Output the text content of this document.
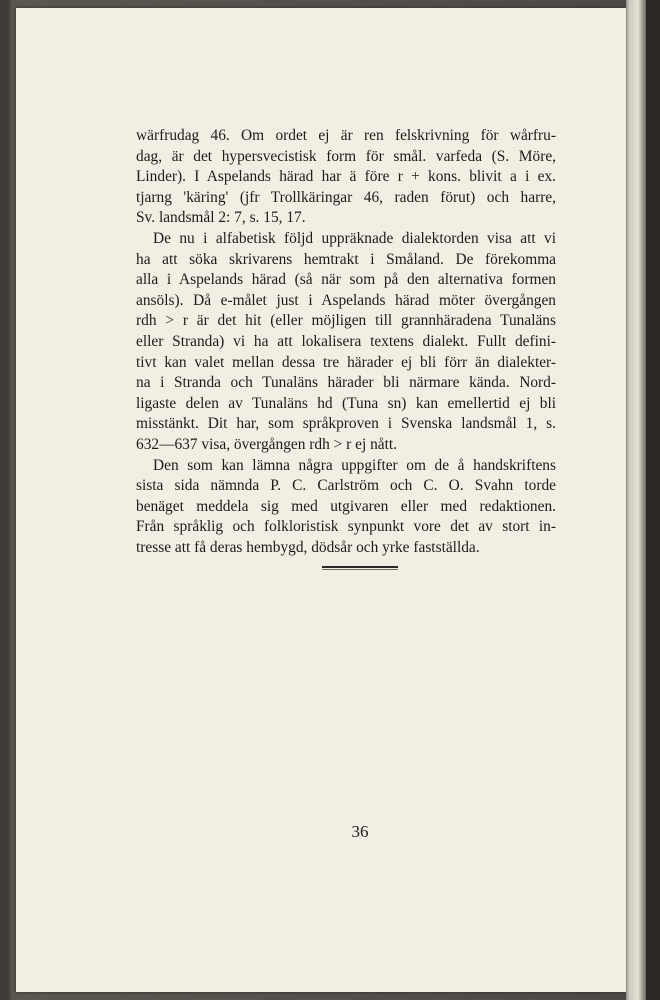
wärfrudag 46. Om ordet ej är ren felskrivning för wårfru-
dag, är det hypersvecistisk form för smål. varfeda (S. Möre,
Linder). I Aspelands härad har ä före r + kons. blivit a i ex.
tjarng 'käring' (jfr Trollkäringar 46, raden förut) och harre,
Sv. landsmål 2: 7, s. 15, 17.

De nu i alfabetisk följd uppräknade dialektorden visa att vi
ha att söka skrivarens hemtrakt i Småland. De förekomma
alla i Aspelands härad (så när som på den alternativa formen
ansöls). Då e-målet just i Aspelands härad möter övergången
rdh > r är det hit (eller möjligen till grannhäradena Tunaläns
eller Stranda) vi ha att lokalisera textens dialekt. Fullt defini-
tivt kan valet mellan dessa tre härader ej bli förr än dialekter-
na i Stranda och Tunaläns härader bli närmare kända. Nord-
ligaste delen av Tunaläns hd (Tuna sn) kan emellertid ej bli
misstänkt. Dit har, som språkproven i Svenska landsmål 1, s.
632—637 visa, övergången rdh > r ej nått.

Den som kan lämna några uppgifter om de å handskriftens
sista sida nämnda P. C. Carlström och C. O. Svahn torde
benäget meddela sig med utgivaren eller med redaktionen.
Från språklig och folkloristisk synpunkt vore det av stort in-
tresse att få deras hembygd, dödsår och yrke fastställda.

36
